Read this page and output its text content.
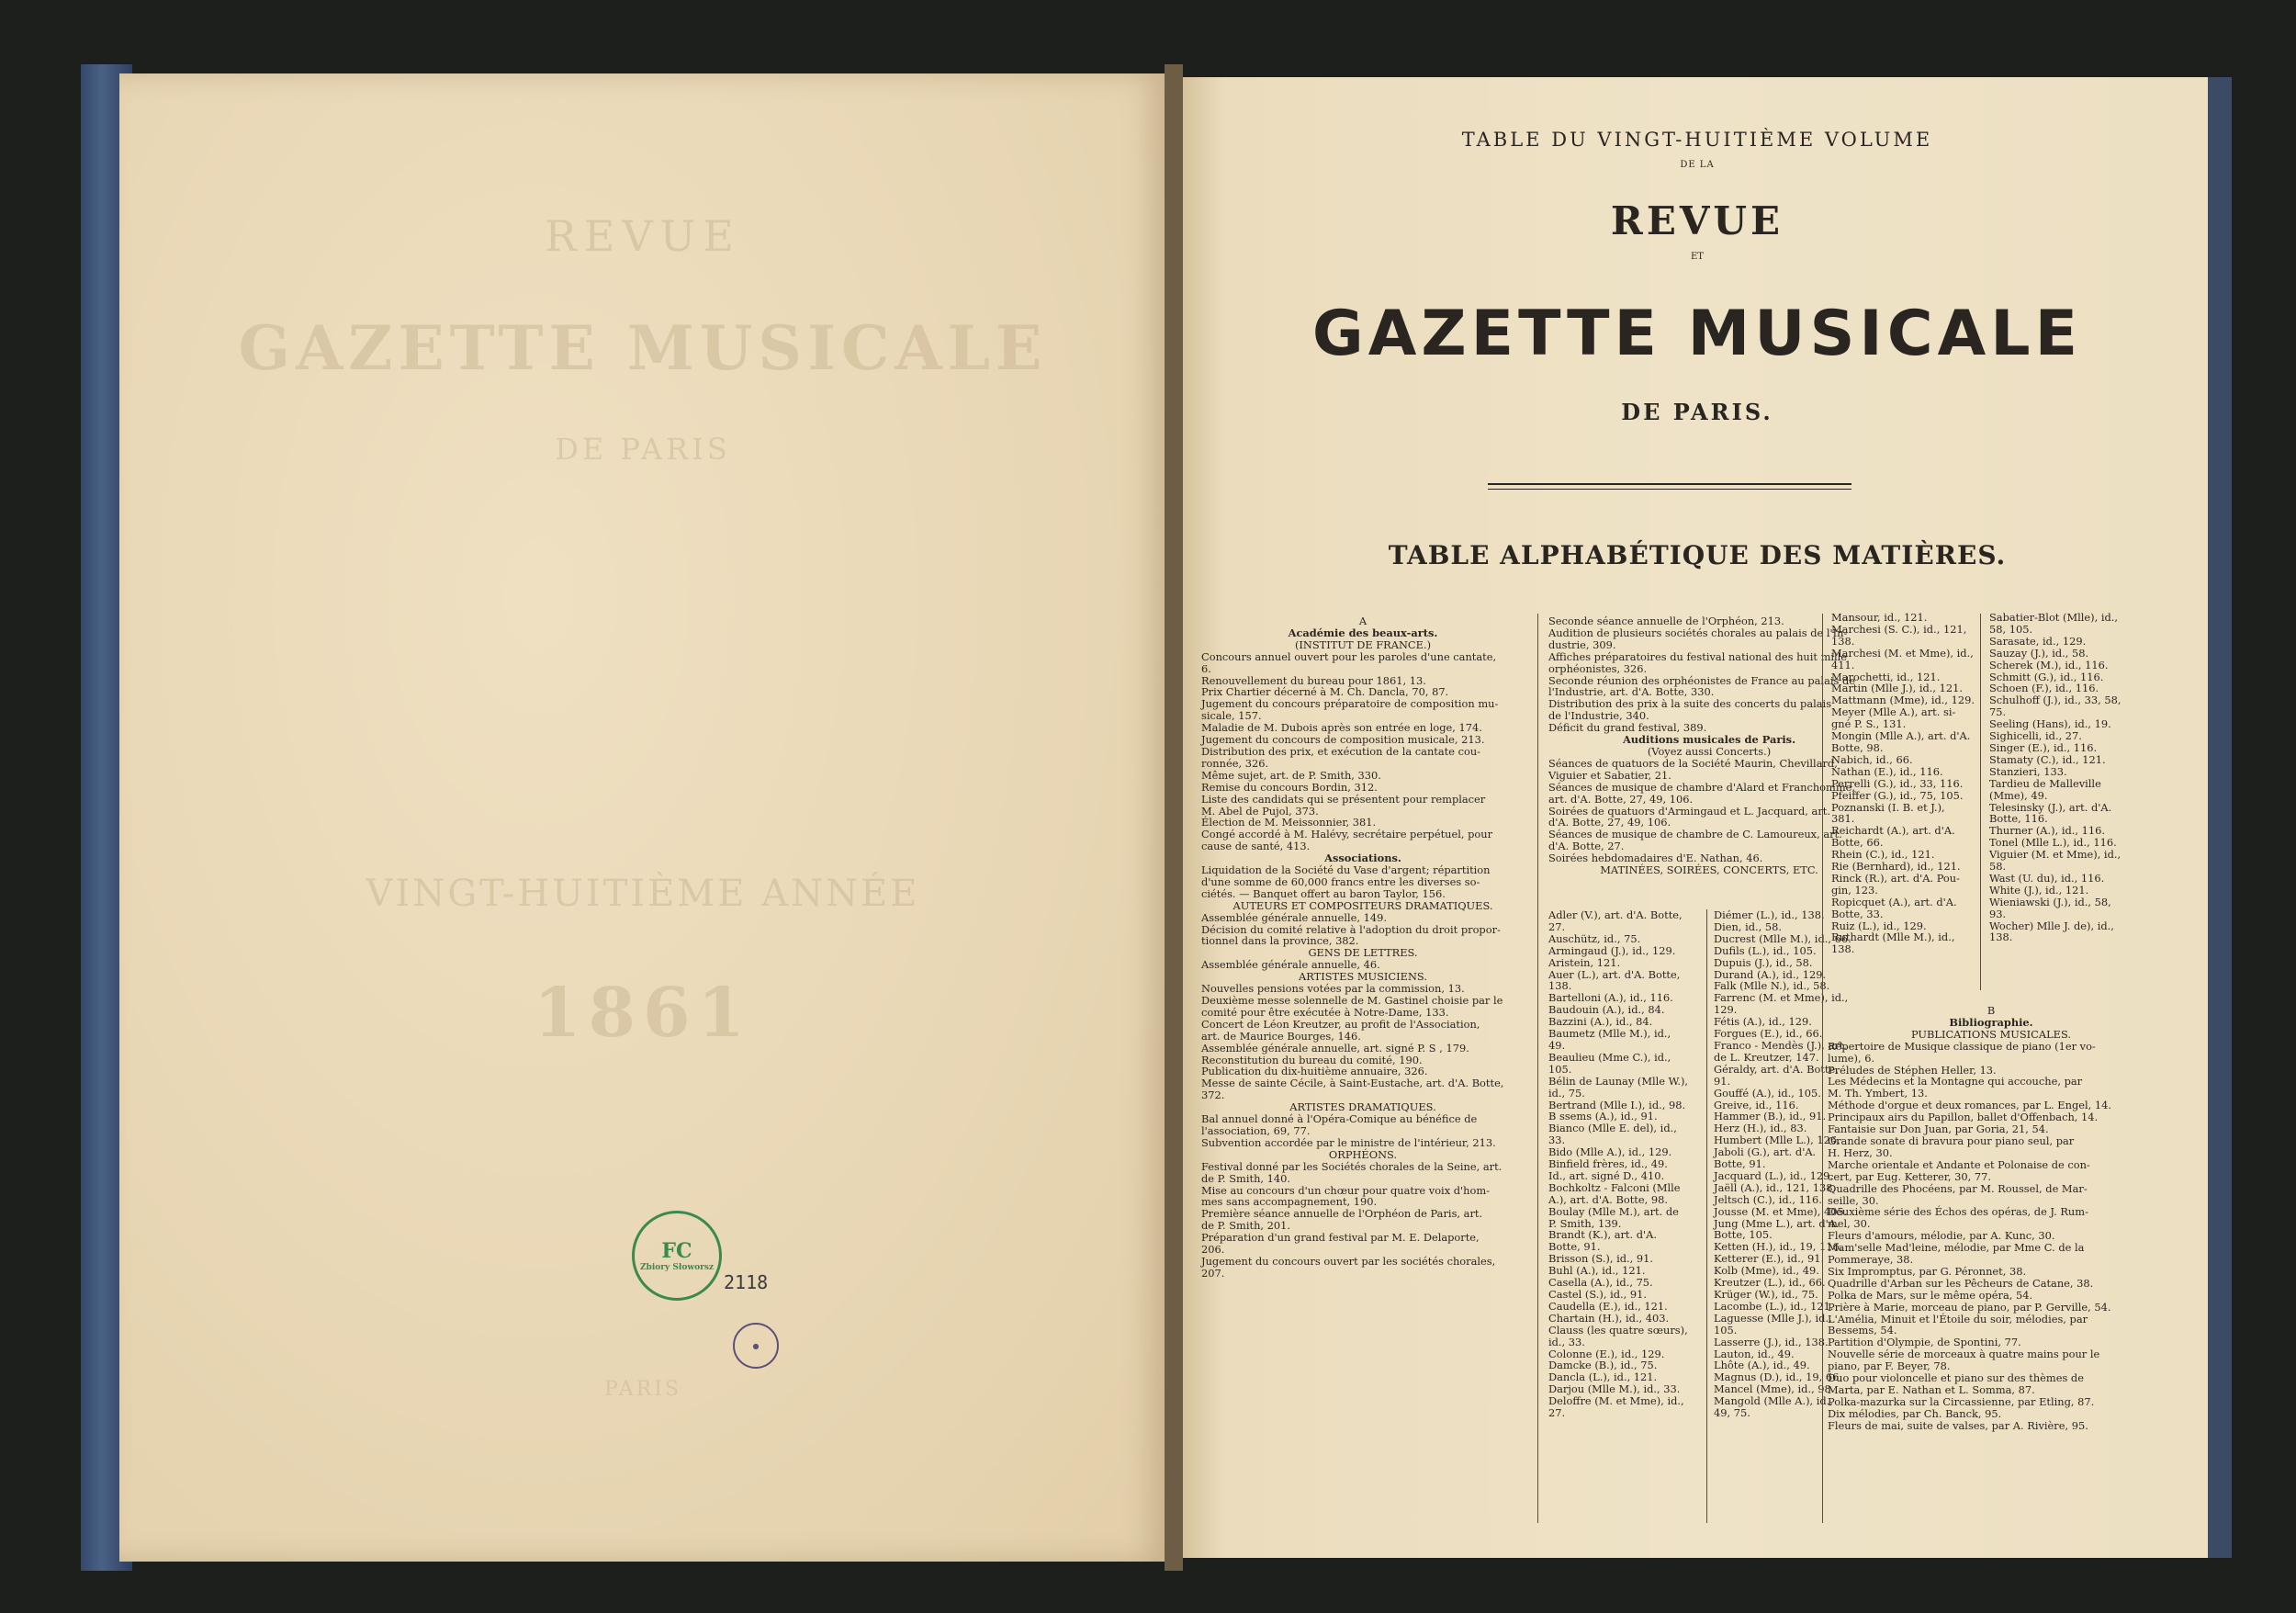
REVUE
GAZETTE MUSICALE
DE PARIS
VINGT-HUITIÈME ANNÉE
1861
PARIS
FC
Zbiory Słoworsz
2118
●
TABLE DU VINGT-HUITIÈME VOLUME
DE LA
REVUE
ET
GAZETTE MUSICALE
DE PARIS.
TABLE ALPHABÉTIQUE DES MATIÈRES.
A
Académie des beaux-arts.
(INSTITUT DE FRANCE.)
Concours annuel ouvert pour les paroles d'une cantate,
6.
Renouvellement du bureau pour 1861, 13.
Prix Chartier décerné à M. Ch. Dancla, 70, 87.
Jugement du concours préparatoire de composition mu-
sicale, 157.
Maladie de M. Dubois après son entrée en loge, 174.
Jugement du concours de composition musicale, 213.
Distribution des prix, et exécution de la cantate cou-
ronnée, 326.
Même sujet, art. de P. Smith, 330.
Remise du concours Bordin, 312.
Liste des candidats qui se présentent pour remplacer
M. Abel de Pujol, 373.
Élection de M. Meissonnier, 381.
Congé accordé à M. Halévy, secrétaire perpétuel, pour
cause de santé, 413.
Associations.
Liquidation de la Société du Vase d'argent; répartition
d'une somme de 60,000 francs entre les diverses so-
ciétés. — Banquet offert au baron Taylor, 156.
AUTEURS ET COMPOSITEURS DRAMATIQUES.
Assemblée générale annuelle, 149.
Décision du comité relative à l'adoption du droit propor-
tionnel dans la province, 382.
GENS DE LETTRES.
Assemblée générale annuelle, 46.
ARTISTES MUSICIENS.
Nouvelles pensions votées par la commission, 13.
Deuxième messe solennelle de M. Gastinel choisie par le
comité pour être exécutée à Notre-Dame, 133.
Concert de Léon Kreutzer, au profit de l'Association,
art. de Maurice Bourges, 146.
Assemblée générale annuelle, art. signé P. S , 179.
Reconstitution du bureau du comité, 190.
Publication du dix-huitième annuaire, 326.
Messe de sainte Cécile, à Saint-Eustache, art. d'A. Botte,
372.
ARTISTES DRAMATIQUES.
Bal annuel donné à l'Opéra-Comique au bénéfice de
l'association, 69, 77.
Subvention accordée par le ministre de l'intérieur, 213.
ORPHÉONS.
Festival donné par les Sociétés chorales de la Seine, art.
de P. Smith, 140.
Mise au concours d'un chœur pour quatre voix d'hom-
mes sans accompagnement, 190.
Première séance annuelle de l'Orphéon de Paris, art.
de P. Smith, 201.
Préparation d'un grand festival par M. E. Delaporte,
206.
Jugement du concours ouvert par les sociétés chorales,
207.
Seconde séance annuelle de l'Orphéon, 213.
Audition de plusieurs sociétés chorales au palais de l'In-
dustrie, 309.
Affiches préparatoires du festival national des huit mille
orphéonistes, 326.
Seconde réunion des orphéonistes de France au palais de
l'Industrie, art. d'A. Botte, 330.
Distribution des prix à la suite des concerts du palais
de l'Industrie, 340.
Déficit du grand festival, 389.
Auditions musicales de Paris.
(Voyez aussi Concerts.)
Séances de quatuors de la Société Maurin, Chevillard,
Viguier et Sabatier, 21.
Séances de musique de chambre d'Alard et Franchomme,
art. d'A. Botte, 27, 49, 106.
Soirées de quatuors d'Armingaud et L. Jacquard, art.
d'A. Botte, 27, 49, 106.
Séances de musique de chambre de C. Lamoureux, art.
d'A. Botte, 27.
Soirées hebdomadaires d'E. Nathan, 46.
MATINÉES, SOIRÉES, CONCERTS, ETC.
Adler (V.), art. d'A. Botte,
27.
Auschütz, id., 75.
Armingaud (J.), id., 129.
Aristein, 121.
Auer (L.), art. d'A. Botte,
138.
Bartelloni (A.), id., 116.
Baudouin (A.), id., 84.
Bazzini (A.), id., 84.
Baumetz (Mlle M.), id.,
49.
Beaulieu (Mme C.), id.,
105.
Bélin de Launay (Mlle W.),
id., 75.
Bertrand (Mlle I.), id., 98.
B ssems (A.), id., 91.
Bianco (Mlle E. del), id.,
33.
Bido (Mlle A.), id., 129.
Binfield frères, id., 49.
Id., art. signé D., 410.
Bochkoltz - Falconi (Mlle
A.), art. d'A. Botte, 98.
Boulay (Mlle M.), art. de
P. Smith, 139.
Brandt (K.), art. d'A.
Botte, 91.
Brisson (S.), id., 91.
Buhl (A.), id., 121.
Casella (A.), id., 75.
Castel (S.), id., 91.
Caudella (E.), id., 121.
Chartain (H.), id., 403.
Clauss (les quatre sœurs),
id., 33.
Colonne (E.), id., 129.
Damcke (B.), id., 75.
Dancla (L.), id., 121.
Darjou (Mlle M.), id., 33.
Deloffre (M. et Mme), id.,
27.
Diémer (L.), id., 138.
Dien, id., 58.
Ducrest (Mlle M.), id., 66.
Dufils (L.), id., 105.
Dupuis (J.), id., 58.
Durand (A.), id., 129.
Falk (Mlle N.), id., 58.
Farrenc (M. et Mme), id.,
129.
Fétis (A.), id., 129.
Forgues (E.), id., 66.
Franco - Mendès (J.), art.
de L. Kreutzer, 147.
Géraldy, art. d'A. Botte,
91.
Gouffé (A.), id., 105.
Greive, id., 116.
Hammer (B.), id., 91.
Herz (H.), id., 83.
Humbert (Mlle L.), 126.
Jaboli (G.), art. d'A.
Botte, 91.
Jacquard (L.), id., 129.
Jaëll (A.), id., 121, 138.
Jeltsch (C.), id., 116.
Jousse (M. et Mme), 405.
Jung (Mme L.), art. d'A.
Botte, 105.
Ketten (H.), id., 19, 116.
Ketterer (E.), id., 91.
Kolb (Mme), id., 49.
Kreutzer (L.), id., 66.
Krüger (W.), id., 75.
Lacombe (L.), id., 121.
Laguesse (Mlle J.), id.,
105.
Lasserre (J.), id., 138.
Lauton, id., 49.
Lhôte (A.), id., 49.
Magnus (D.), id., 19, 66.
Mancel (Mme), id., 98.
Mangold (Mlle A.), id.,
49, 75.
Mansour, id., 121.
Marchesi (S. C.), id., 121,
138.
Marchesi (M. et Mme), id.,
411.
Marochetti, id., 121.
Martin (Mlle J.), id., 121.
Mattmann (Mme), id., 129.
Meyer (Mlle A.), art. si-
gné P. S., 131.
Mongin (Mlle A.), art. d'A.
Botte, 98.
Nabich, id., 66.
Nathan (E.), id., 116.
Perrelli (G.), id., 33, 116.
Pfeiffer (G.), id., 75, 105.
Poznanski (I. B. et J.),
381.
Reichardt (A.), art. d'A.
Botte, 66.
Rhein (C.), id., 121.
Rie (Bernhard), id., 121.
Rinck (R.), art. d'A. Pou-
gin, 123.
Ropicquet (A.), art. d'A.
Botte, 33.
Ruiz (L.), id., 129.
Ruthardt (Mlle M.), id.,
138.
Sabatier-Blot (Mlle), id.,
58, 105.
Sarasate, id., 129.
Sauzay (J.), id., 58.
Scherek (M.), id., 116.
Schmitt (G.), id., 116.
Schoen (F.), id., 116.
Schulhoff (J.), id., 33, 58,
75.
Seeling (Hans), id., 19.
Sighicelli, id., 27.
Singer (E.), id., 116.
Stamaty (C.), id., 121.
Stanzieri, 133.
Tardieu de Malleville
(Mme), 49.
Telesinsky (J.), art. d'A.
Botte, 116.
Thurner (A.), id., 116.
Tonel (Mlle L.), id., 116.
Viguier (M. et Mme), id.,
58.
Wast (U. du), id., 116.
White (J.), id., 121.
Wieniawski (J.), id., 58,
93.
Wocher) Mlle J. de), id.,
138.
B
Bibliographie.
PUBLICATIONS MUSICALES.
Répertoire de Musique classique de piano (1er vo-
lume), 6.
Préludes de Stéphen Heller, 13.
Les Médecins et la Montagne qui accouche, par
M. Th. Ymbert, 13.
Méthode d'orgue et deux romances, par L. Engel, 14.
Principaux airs du Papillon, ballet d'Offenbach, 14.
Fantaisie sur Don Juan, par Goria, 21, 54.
Grande sonate di bravura pour piano seul, par
H. Herz, 30.
Marche orientale et Andante et Polonaise de con-
cert, par Eug. Ketterer, 30, 77.
Quadrille des Phocéens, par M. Roussel, de Mar-
seille, 30.
Deuxième série des Échos des opéras, de J. Rum-
mel, 30.
Fleurs d'amours, mélodie, par A. Kunc, 30.
Mam'selle Mad'leine, mélodie, par Mme C. de la
Pommeraye, 38.
Six Impromptus, par G. Péronnet, 38.
Quadrille d'Arban sur les Pêcheurs de Catane, 38.
Polka de Mars, sur le même opéra, 54.
Prière à Marie, morceau de piano, par P. Gerville, 54.
L'Amélia, Minuit et l'Étoile du soir, mélodies, par
Bessems, 54.
Partition d'Olympie, de Spontini, 77.
Nouvelle série de morceaux à quatre mains pour le
piano, par F. Beyer, 78.
Duo pour violoncelle et piano sur des thèmes de
Marta, par E. Nathan et L. Somma, 87.
Polka-mazurka sur la Circassienne, par Etling, 87.
Dix mélodies, par Ch. Banck, 95.
Fleurs de mai, suite de valses, par A. Rivière, 95.
